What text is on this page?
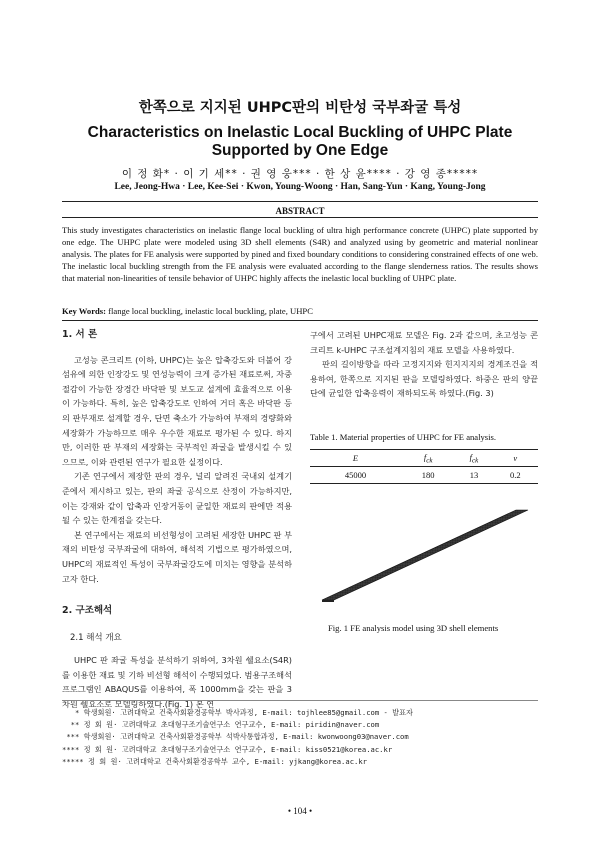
한쪽으로 지지된 UHPC판의 비탄성 국부좌굴 특성
Characteristics on Inelastic Local Buckling of UHPC Plate Supported by One Edge
이 정 화* · 이 기 세** · 권 영 웅*** · 한 상 윤**** · 강 영 종*****
Lee, Jeong-Hwa · Lee, Kee-Sei · Kwon, Young-Woong · Han, Sang-Yun · Kang, Young-Jong
ABSTRACT

This study investigates characteristics on inelastic flange local buckling of ultra high performance concrete (UHPC) plate supported by one edge. The UHPC plate were modeled using 3D shell elements (S4R) and analyzed using by geometric and material nonlinear analysis. The plates for FE analysis were supported by pined and fixed boundary conditions to considering constrained effects of one web. The inelastic local buckling strength from the FE analysis were evaluated according to the flange slenderness ratios. The results shows that material non-linearities of tensile behavior of UHPC highly affects the inelastic local buckling of UHPC plate.

Key Words: flange local buckling, inelastic local buckling, plate, UHPC

1. 서 론

고성능 콘크리트 (이하, UHPC)는 높은 압축강도와 더불어 강섬유에 의한 인장강도 및 연성능력이 크게 증가된 재료로써, 자중절감이 가능한 장경간 바닥판 및 보도교 설계에 효율적으로 이용이 가능하다. 특히, 높은 압축강도로 인하여 거더 혹은 바닥판 등의 판부재로 설계할 경우, 단면 축소가 가능하여 부재의 경량화와 세장화가 가능하므로 매우 우수한 재료로 평가된 수 있다. 하지만, 이러한 판 부재의 세장화는 국부적인 좌굴을 발생시킬 수 있으므로, 이와 관련된 연구가 필요한 실정이다.

기존 연구에서 제장한 판의 경우, 널리 알려진 국내외 설계기준에서 제시하고 있는, 판의 좌굴 공식으로 산정이 가능하지만, 이는 강재와 같이 압축과 인장거동이 균일한 재료의 판에만 적용될 수 있는 한계점을 갖는다.

본 연구에서는 재료의 비선형성이 고려된 세장한 UHPC 판 부재의 비탄성 국부좌굴에 대하여, 해석적 기법으로 평가하였으며, UHPC의 재료적인 특성이 국부좌굴강도에 미치는 영향을 분석하고자 한다.

2. 구조해석
2.1 해석 개요

UHPC 판 좌굴 특성을 분석하기 위하여, 3차원 쉘요소(S4R)를 이용한 재료 및 기하 비선형 해석이 수행되었다. 범용구조해석프로그램인 ABAQUS를 이용하여, 폭 1000mm을 갖는 판을 3차원 쉘요소로 모델링하였다.(Fig. 1) 본 연

구에서 고려된 UHPC재료 모델은 Fig. 2과 같으며, 초고성능 콘크리트 k-UHPC 구조설계지침의 재료 모델을 사용하였다.

판의 길이방향을 따라 고정지지와 힌지지지의 경계조건을 적용하여, 한쪽으로 지지된 판을 모델링하였다. 하중은 판의 양끝단에 균일한 압축응력이 재하되도록 하였다.(Fig. 3)

Table 1. Material properties of UHPC for FE analysis.
E	$f_{ck}$	$f_{ck}$	ν
45000	180	13	0.2
Fig. 1 FE analysis model using 3D shell elements
* 학생회원· 고려대학교 건축사회환경공학부 박사과정, E-mail: tojhlee85@gmail.com - 발표자
** 정 회 원· 고려대학교 초대형구조기술연구소 연구교수, E-mail: piridin@naver.com
*** 학생회원· 고려대학교 건축사회환경공학부 석박사통합과정, E-mail: kwonwoong03@naver.com
**** 정 회 원· 고려대학교 초대형구조기술연구소 연구교수, E-mail: kiss0521@korea.ac.kr
***** 정 회 원· 고려대학교 건축사회환경공학부 교수, E-mail: yjkang@korea.ac.kr
• 104 •
